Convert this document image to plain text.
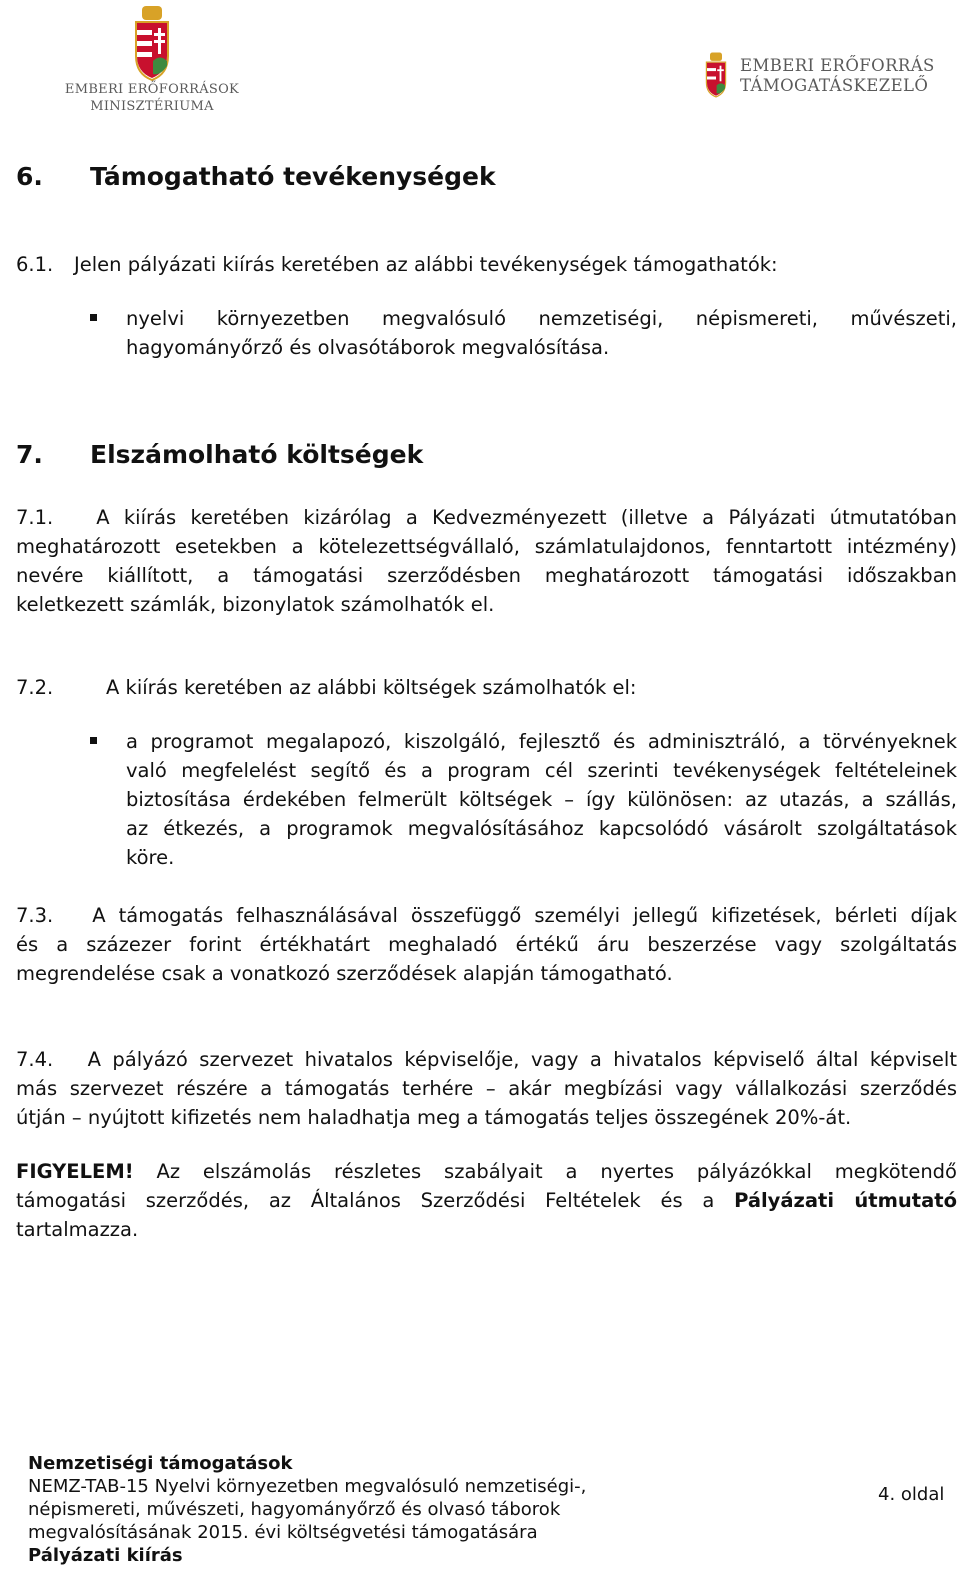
EMBERI ERŐFORRÁSOK
MINISZTÉRIUMA
EMBERI ERŐFORRÁS
TÁMOGATÁSKEZELŐ
6. Támogatható tevékenységek
6.1. Jelen pályázati kiírás keretében az alábbi tevékenységek támogathatók:
nyelvi környezetben megvalósuló nemzetiségi, népismereti, művészeti,
hagyományőrző és olvasótáborok megvalósítása.
7. Elszámolható költségek
7.1.   A kiírás keretében kizárólag a Kedvezményezett (illetve a Pályázati útmutatóban
meghatározott esetekben a kötelezettségvállaló, számlatulajdonos, fenntartott intézmény)
nevére kiállított, a támogatási szerződésben meghatározott támogatási időszakban
keletkezett számlák, bizonylatok számolhatók el.
7.2.	A kiírás keretében az alábbi költségek számolhatók el:
a programot megalapozó, kiszolgáló, fejlesztő és adminisztráló, a törvényeknek
való megfelelést segítő és a program cél szerinti tevékenységek feltételeinek
biztosítása érdekében felmerült költségek – így különösen: az utazás, a szállás,
az étkezés, a programok megvalósításához kapcsolódó vásárolt szolgáltatások
köre.
7.3.   A támogatás felhasználásával összefüggő személyi jellegű kifizetések, bérleti díjak
és a százezer forint értékhatárt meghaladó értékű áru beszerzése vagy szolgáltatás
megrendelése csak a vonatkozó szerződések alapján támogatható.
7.4.   A pályázó szervezet hivatalos képviselője, vagy a hivatalos képviselő által képviselt
más szervezet részére a támogatás terhére – akár megbízási vagy vállalkozási szerződés
útján – nyújtott kifizetés nem haladhatja meg a támogatás teljes összegének 20%-át.
FIGYELEM! Az elszámolás részletes szabályait a nyertes pályázókkal megkötendő
támogatási szerződés, az Általános Szerződési Feltételek és a Pályázati útmutató
tartalmazza.
Nemzetiségi támogatások
NEMZ-TAB-15 Nyelvi környezetben megvalósuló nemzetiségi-,
népismereti, művészeti, hagyományőrző és olvasó táborok
megvalósításának 2015. évi költségvetési támogatására
Pályázati kiírás
4. oldal
